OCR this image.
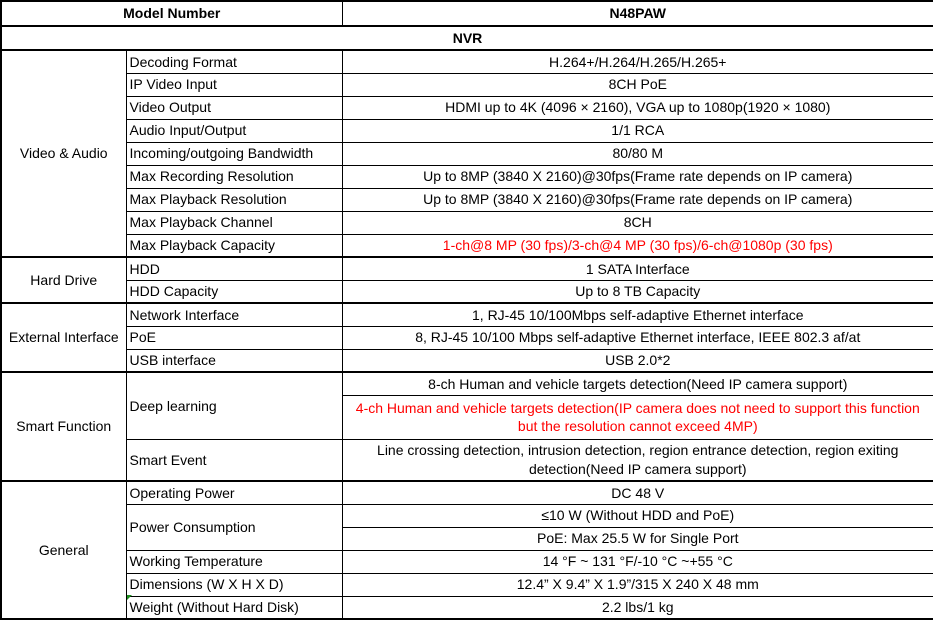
Model Number		N48PAW
NVR		
Video & Audio	Decoding Format	H.264+/H.264/H.265/H.265+
	IP Video Input	8CH PoE
	Video Output	HDMI up to 4K (4096 × 2160), VGA up to 1080p(1920 × 1080)
	Audio Input/Output	1/1 RCA
	Incoming/outgoing Bandwidth	80/80 M
	Max Recording Resolution	Up to 8MP (3840 X 2160)@30fps(Frame rate depends on IP camera)
	Max Playback Resolution	Up to 8MP (3840 X 2160)@30fps(Frame rate depends on IP camera)
	Max Playback Channel	8CH
	Max Playback Capacity	1-ch@8 MP (30 fps)/3-ch@4 MP (30 fps)/6-ch@1080p (30 fps)
Hard Drive	HDD	1 SATA Interface
	HDD Capacity	Up to 8 TB Capacity
External Interface	Network Interface	1, RJ-45 10/100Mbps self-adaptive Ethernet interface
	PoE	8, RJ-45 10/100 Mbps self-adaptive Ethernet interface, IEEE 802.3 af/at
	USB interface	USB 2.0*2
Smart Function	Deep learning	8-ch Human and vehicle targets detection(Need IP camera support)
		4-ch Human and vehicle targets detection(IP camera does not need to support this function but the resolution cannot exceed 4MP)
	Smart Event	Line crossing detection, intrusion detection, region entrance detection, region exiting detection(Need IP camera support)
General	Operating Power	DC 48 V
	Power Consumption	≤10 W (Without HDD and PoE)
		PoE: Max 25.5 W for Single Port
	Working Temperature	14 °F ~ 131 °F/-10 °C ~+55 °C
	Dimensions (W X H X D)	12.4” X 9.4” X 1.9”/315 X 240 X 48 mm
	Weight (Without Hard Disk)	2.2 lbs/1 kg
